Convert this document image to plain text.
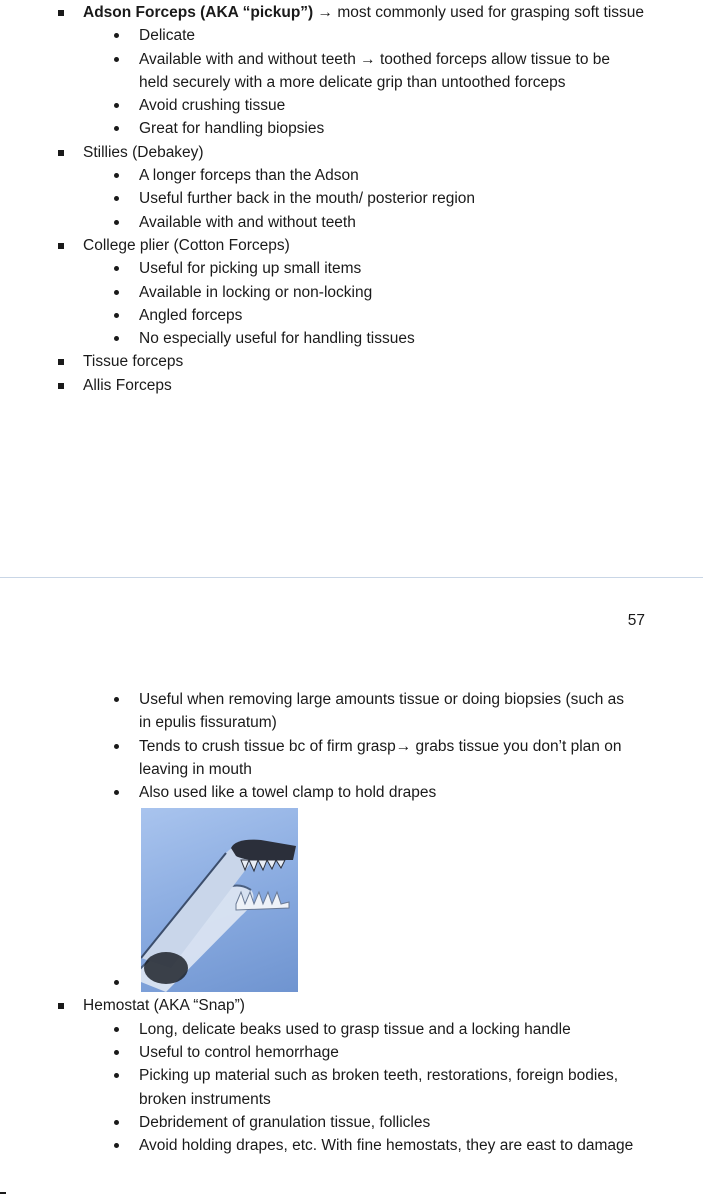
Adson Forceps (AKA “pickup”) → most commonly used for grasping soft tissue
Delicate
Available with and without teeth → toothed forceps allow tissue to be held securely with a more delicate grip than untoothed forceps
Avoid crushing tissue
Great for handling biopsies
Stillies (Debakey)
A longer forceps than the Adson
Useful further back in the mouth/ posterior region
Available with and without teeth
College plier (Cotton Forceps)
Useful for picking up small items
Available in locking or non-locking
Angled forceps
No especially useful for handling tissues
Tissue forceps
Allis Forceps
57
Useful when removing large amounts tissue or doing biopsies (such as in epulis fissuratum)
Tends to crush tissue bc of firm grasp→ grabs tissue you don’t plan on leaving in mouth
Also used like a towel clamp to hold drapes
Hemostat (AKA “Snap”)
Long, delicate beaks used to grasp tissue and a locking handle
Useful to control hemorrhage
Picking up material such as broken teeth, restorations, foreign bodies, broken instruments
Debridement of granulation tissue, follicles
Avoid holding drapes, etc. With fine hemostats, they are east to damage
